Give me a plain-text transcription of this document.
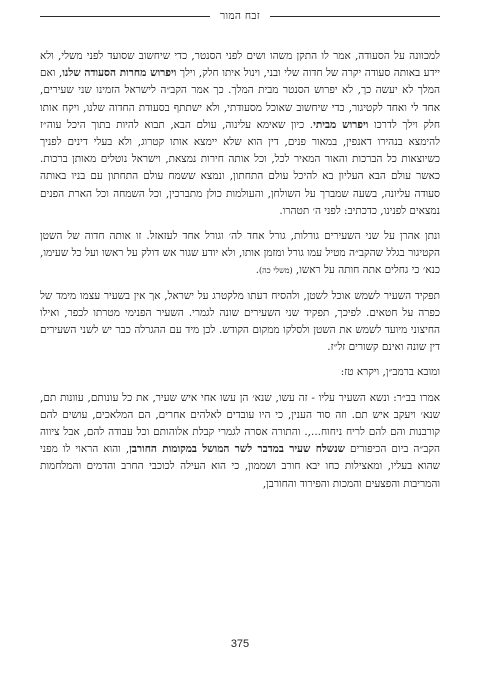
זבח המור

למכוונה על הסעודה, אמר לו התקן משהו ושים לפני הסנטר, כדי שיחשוב שסועד לפני משלי, ולא יידע באותה סעודה יקרה של חדוה שלי ובני, וינול איתו חלק, וילך ויפרוש מחרות הסעודה שלנו, ואם המלך לא יעשה כך, לא יפרוש הסנטר מבית המלך. כך אמר הקב״ה לישראל הזמינו שני שעירים, אחד לי ואחד לקטיגור, כדי שיחשוב שאוכל מסעודתי, ולא ישתתף בסעודת החדוה שלנו, ויקח אותו חלק וילך לדרכו ויפרוש מביתי. כיון שאימא עלינוה, עולם הבא, תבוא להיות בתוך היכל עוה״ז להימצא בנהירו דאנפין, במאור פנים, דין הוא שלא יימצא אותו קטרוג, ולא בעלי דינים לפניך כשיוצאות כל הברכות והאור המאיר לכל, וכל אותה חירות נמצאת, וישראל נוטלים מאותן ברכות. כאשר עולם הבא העליון בא להיכל עולם התחתון, ונמצא ששמח עולם התחתון עם בניו באותה סעודה עליונה, בשעה שמברך על השולחן, והעולמות כולן מתברכין, וכל השמחה וכל הארת הפנים נמצאים לפנינו, כדכתיב: לפני ה׳ תטהרו.

ונתן אהרן על שני השעירים גורלות, גורל אחד לה׳ וגורל אחד לעזאזל. זו אותה חדוה של השטן הקטיגור בגלל שהקב״ה מטיל עמו גורל ומזמן אותו, ולא יודע שגור אש דולק על ראשו ועל כל שעימו, כנא׳ כי גחלים אתה חותה על ראשו, (משלי כה).

תפקיד השעיר לשמש אוכל לשטן, ולהסיח דעתו מלקטרג על ישראל, אך אין בשעיר עצמו מימד של כפרה על חטאים. לפיכך, תפקיד שני השעירים שונה לגמרי. השעיר הפנימי מטרתו לכפר, ואילו החיצוני מיועד לשמש את השטן ולסלקו ממקום הקודש. לכן מיד עם ההגרלה כבר יש לשני השעירים דין שונה ואינם קשורים זל״ז.

ומובא ברמב״ן, ויקרא טז:

אמרו בב״ר: ונשא השעיר עליו - זה עשו, שנא׳ הן עשו אחי איש שעיר, את כל עונותם, עוונות תם, שנא׳ ויעקב איש תם. וזה סוד הענין, כי היו עובדים לאלהים אחרים, הם המלאכים, עושים להם קורבנות והם להם לריח ניחוח...,. והתורה אסרה לגמרי קבלת אלוהותם וכל עבודה להם, אבל ציווה הקב״ה ביום הכיפורים שנשלח שעיר במדבר לשר המושל במקומות החורבן, והוא הראוי לו מפני שהוא בעליו, ומאצילות כחו יבא חורב ושממון, כי הוא העילה לכוכבי החרב והדמים והמלחמות והמריבות והפצעים והמכות והפירוד והחורבן,

375
